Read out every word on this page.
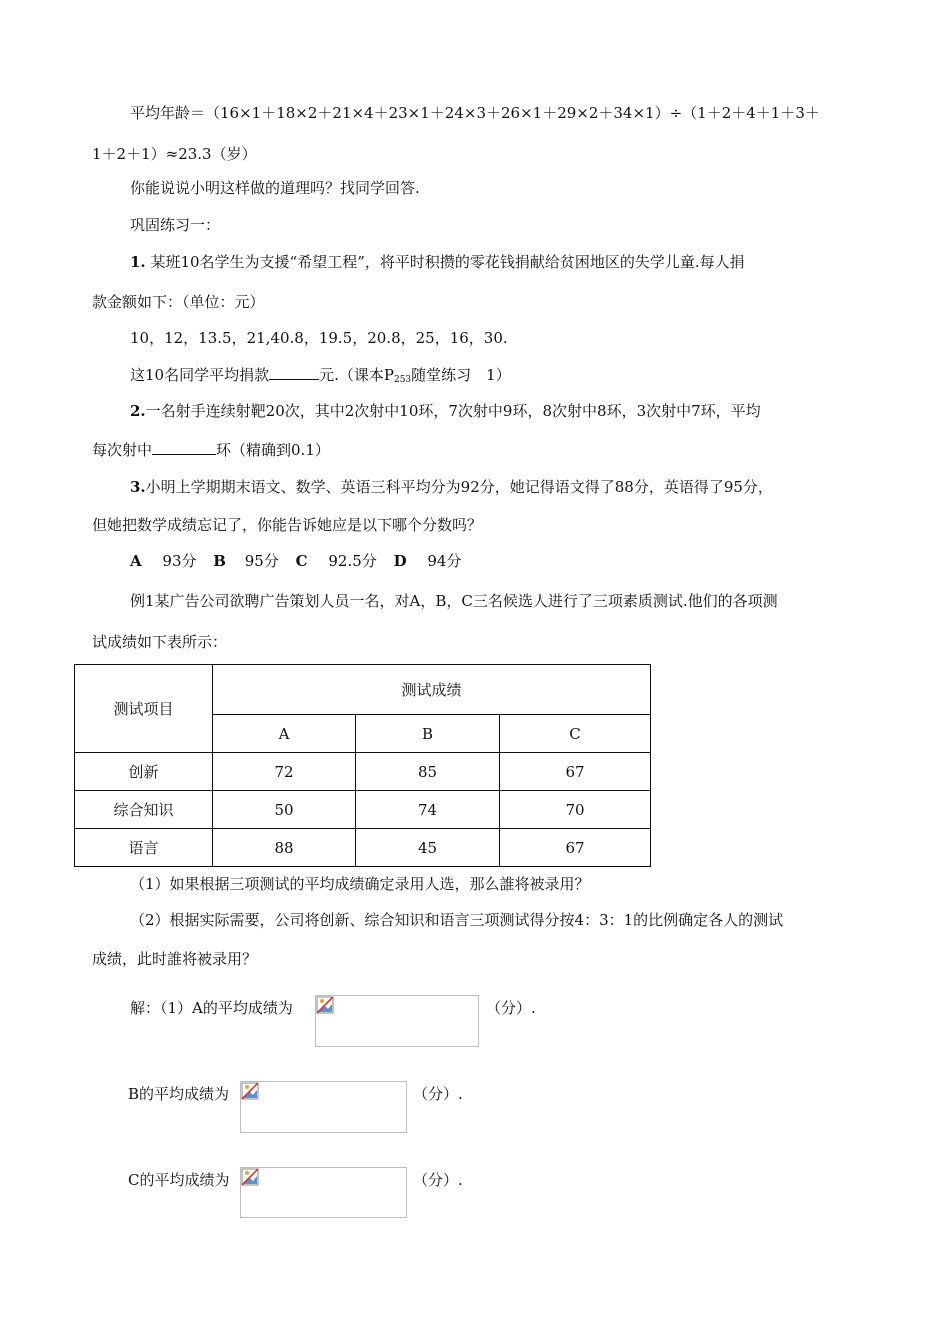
平均年龄＝（16×1＋18×2＋21×4＋23×1＋24×3＋26×1＋29×2＋34×1）÷（1＋2＋4＋1＋3＋
1＋2＋1）≈23.3（岁）
你能说说小明这样做的道理吗？找同学回答.
巩固练习一：
1. 某班10名学生为支援“希望工程”，将平时积攒的零花钱捐献给贫困地区的失学儿童.每人捐
款金额如下：（单位：元）
10，12，13.5，21,40.8，19.5，20.8，25，16，30.
这10名同学平均捐款	元.（课本$P_{253}$随堂练习　1）
2.一名射手连续射靶20次，其中2次射中10环，7次射中9环，8次射中8环，3次射中7环，平均
每次射中	环（精确到0.1）
3.小明上学期期末语文、数学、英语三科平均分为92分，她记得语文得了88分，英语得了95分，
但她把数学成绩忘记了，你能告诉她应是以下哪个分数吗？
A 93分 B 95分 C 92.5分 D 94分
例1某广告公司欲聘广告策划人员一名，对A，B，C三名候选人进行了三项素质测试.他们的各项测
试成绩如下表所示：
测试项目	测试成绩		
	A	B	C
创新	72	85	67
综合知识	50	74	70
语言	88	45	67
（1）如果根据三项测试的平均成绩确定录用人选，那么誰将被录用？
（2）根据实际需要，公司将创新、综合知识和语言三项测试得分按4：3：1的比例确定各人的测试
成绩，此时誰将被录用？
解：（1）A的平均成绩为	（分）.
B的平均成绩为	（分）.
C的平均成绩为	（分）.
